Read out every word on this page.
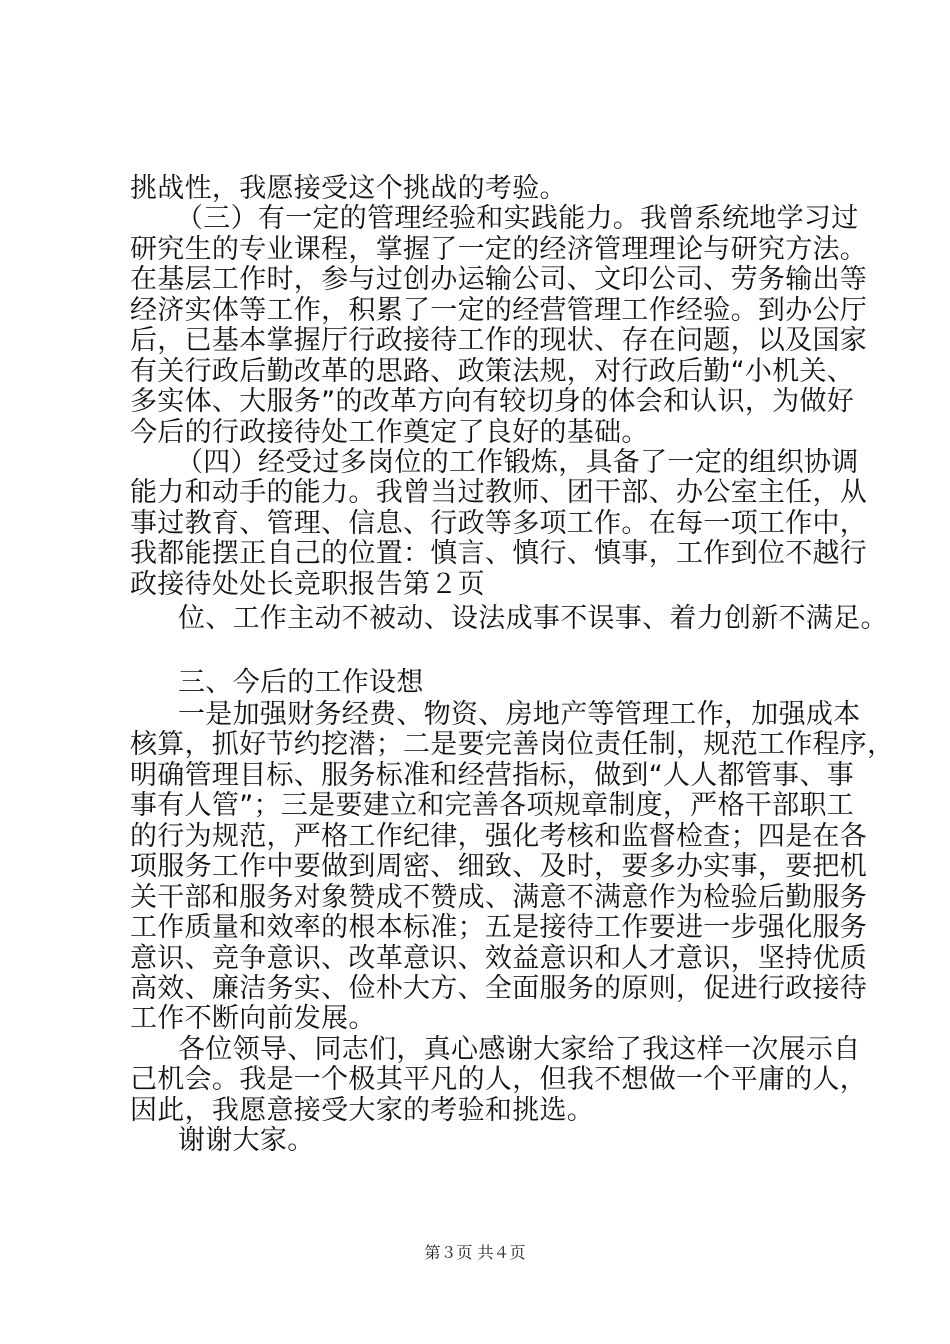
挑战性，我愿接受这个挑战的考验。
（三）有一定的管理经验和实践能力。我曾系统地学习过
研究生的专业课程，掌握了一定的经济管理理论与研究方法。
在基层工作时，参与过创办运输公司、文印公司、劳务输出等
经济实体等工作，积累了一定的经营管理工作经验。到办公厅
后，已基本掌握厅行政接待工作的现状、存在问题，以及国家
有关行政后勤改革的思路、政策法规，对行政后勤“小机关、
多实体、大服务”的改革方向有较切身的体会和认识，为做好
今后的行政接待处工作奠定了良好的基础。
（四）经受过多岗位的工作锻炼，具备了一定的组织协调
能力和动手的能力。我曾当过教师、团干部、办公室主任，从
事过教育、管理、信息、行政等多项工作。在每一项工作中，
我都能摆正自己的位置：慎言、慎行、慎事，工作到位不越行
政接待处处长竞职报告第２页
位、工作主动不被动、设法成事不误事、着力创新不满足。
三、今后的工作设想
一是加强财务经费、物资、房地产等管理工作，加强成本
核算，抓好节约挖潜；二是要完善岗位责任制，规范工作程序，
明确管理目标、服务标准和经营指标，做到“人人都管事、事
事有人管”；三是要建立和完善各项规章制度，严格干部职工
的行为规范，严格工作纪律，强化考核和监督检查；四是在各
项服务工作中要做到周密、细致、及时，要多办实事，要把机
关干部和服务对象赞成不赞成、满意不满意作为检验后勤服务
工作质量和效率的根本标准；五是接待工作要进一步强化服务
意识、竞争意识、改革意识、效益意识和人才意识，坚持优质
高效、廉洁务实、俭朴大方、全面服务的原则，促进行政接待
工作不断向前发展。
各位领导、同志们，真心感谢大家给了我这样一次展示自
己机会。我是一个极其平凡的人，但我不想做一个平庸的人，
因此，我愿意接受大家的考验和挑选。
谢谢大家。
第３页 共４页
